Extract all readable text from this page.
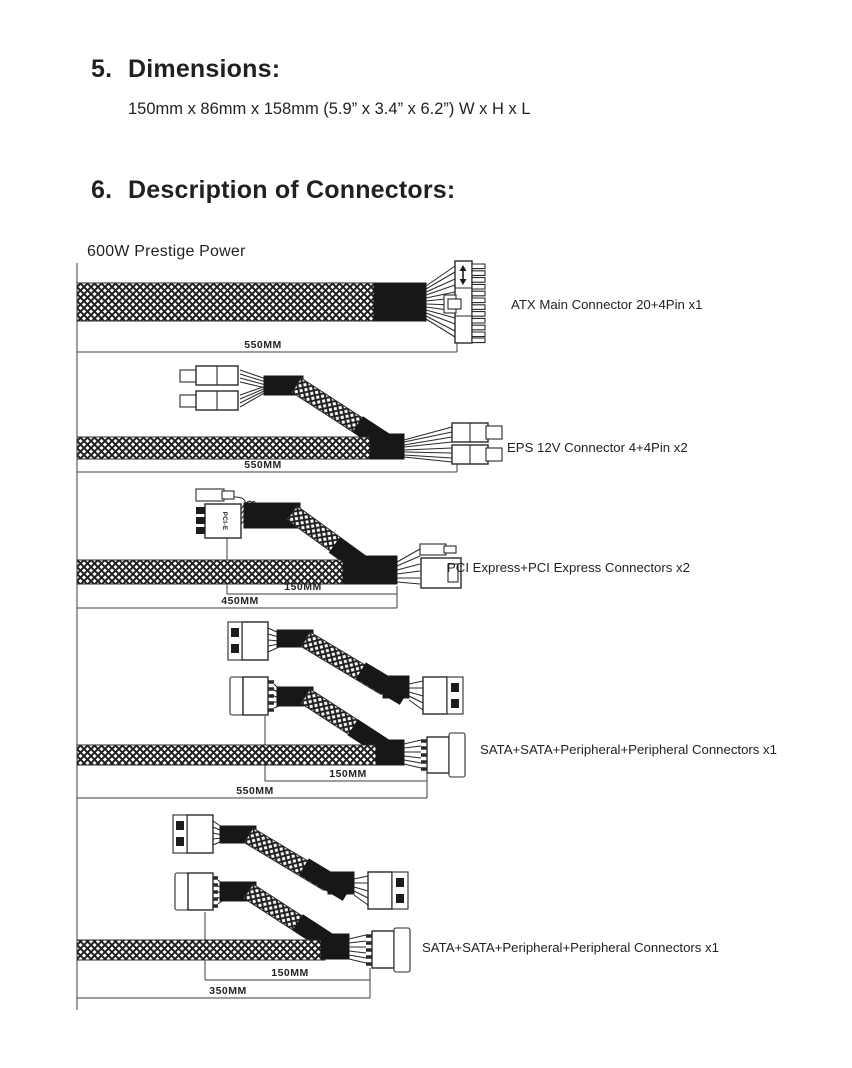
5. Dimensions:
150mm x 86mm x 158mm (5.9” x 3.4” x 6.2”) W x H x L
6. Description of Connectors:
600W Prestige Power
ATX Main Connector 20+4Pin x1
550MM
EPS 12V Connector 4+4Pin x2
550MM
PCI-E
PCI Express+PCI Express Connectors x2
150MM
450MM
SATA+SATA+Peripheral+Peripheral Connectors x1
150MM
550MM
SATA+SATA+Peripheral+Peripheral Connectors x1
150MM
350MM
